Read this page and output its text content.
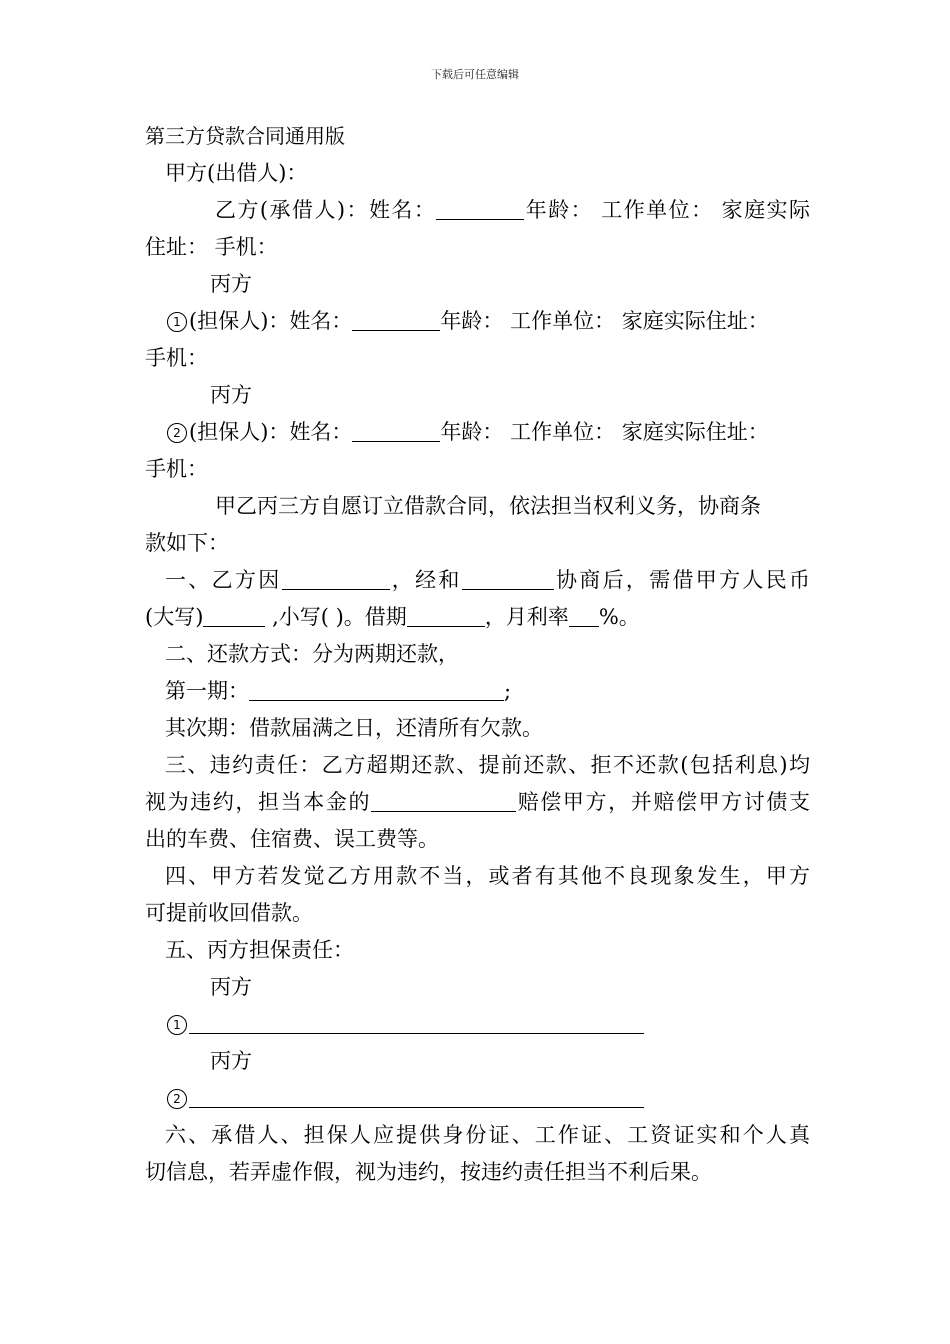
下载后可任意编辑
第三方贷款合同通用版
甲方(出借人)：
乙方(承借人)：姓名：	年龄： 工作单位： 家庭实际
住址： 手机：
丙方
1 (担保人)：姓名：	年龄： 工作单位： 家庭实际住址：
手机：
丙方
2 (担保人)：姓名：	年龄： 工作单位： 家庭实际住址：
手机：
甲乙丙三方自愿订立借款合同，依法担当权利义务，协商条
款如下：
一、乙方因	，经和	协商后，需借甲方人民币
(大写)	,小写( )。借期	，月利率 %。
二、还款方式：分为两期还款，
第一期：	;
其次期：借款届满之日，还清所有欠款。
三、违约责任：乙方超期还款、提前还款、拒不还款(包括利息)均
视为违约，担当本金的	赔偿甲方，并赔偿甲方讨债支
出的车费、住宿费、误工费等。
四、甲方若发觉乙方用款不当，或者有其他不良现象发生，甲方
可提前收回借款。
五、丙方担保责任：
丙方
1
丙方
2
六、承借人、担保人应提供身份证、工作证、工资证实和个人真
切信息，若弄虚作假，视为违约，按违约责任担当不利后果。
